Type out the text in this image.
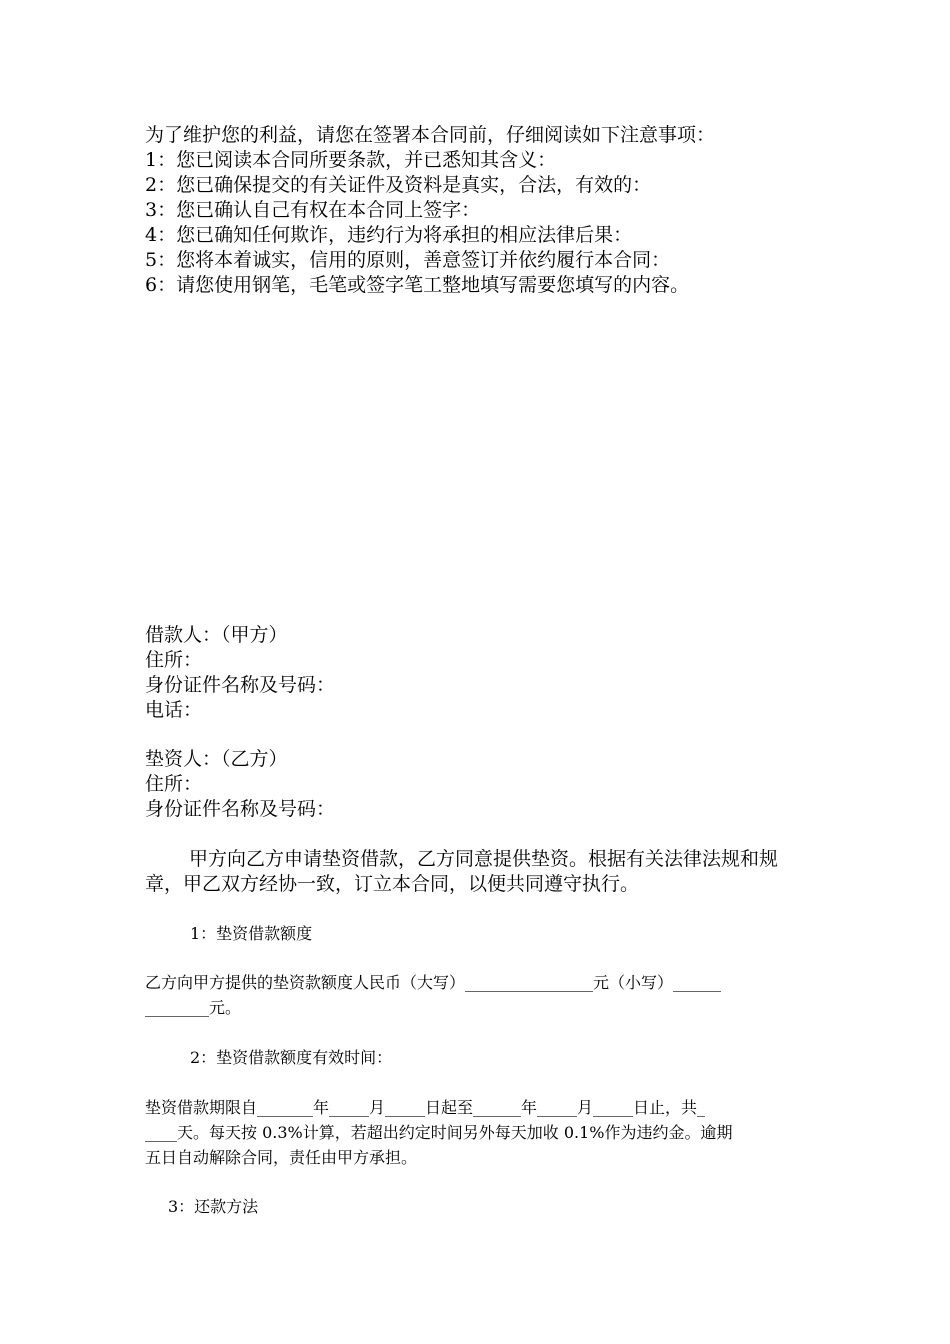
为了维护您的利益，请您在签署本合同前，仔细阅读如下注意事项：
1：您已阅读本合同所要条款，并已悉知其含义：
2：您已确保提交的有关证件及资料是真实，合法，有效的：
3：您已确认自己有权在本合同上签字：
4：您已确知任何欺诈，违约行为将承担的相应法律后果：
5：您将本着诚实，信用的原则，善意签订并依约履行本合同：
6：请您使用钢笔，毛笔或签字笔工整地填写需要您填写的内容。
借款人：（甲方）
住所：
身份证件名称及号码：
电话：
垫资人：（乙方）
住所：
身份证件名称及号码：
甲方向乙方申请垫资借款，乙方同意提供垫资。根据有关法律法规和规章，甲乙双方经协一致，订立本合同，以便共同遵守执行。
1：垫资借款额度
乙方向甲方提供的垫资款额度人民币（大写）________________元（小写）______
________元。
2：垫资借款额度有效时间：
垫资借款期限自_______年_____月_____日起至______年_____月_____日止，共_
____天。每天按 0.3%计算，若超出约定时间另外每天加收 0.1%作为违约金。逾期
五日自动解除合同，责任由甲方承担。
3：还款方法
